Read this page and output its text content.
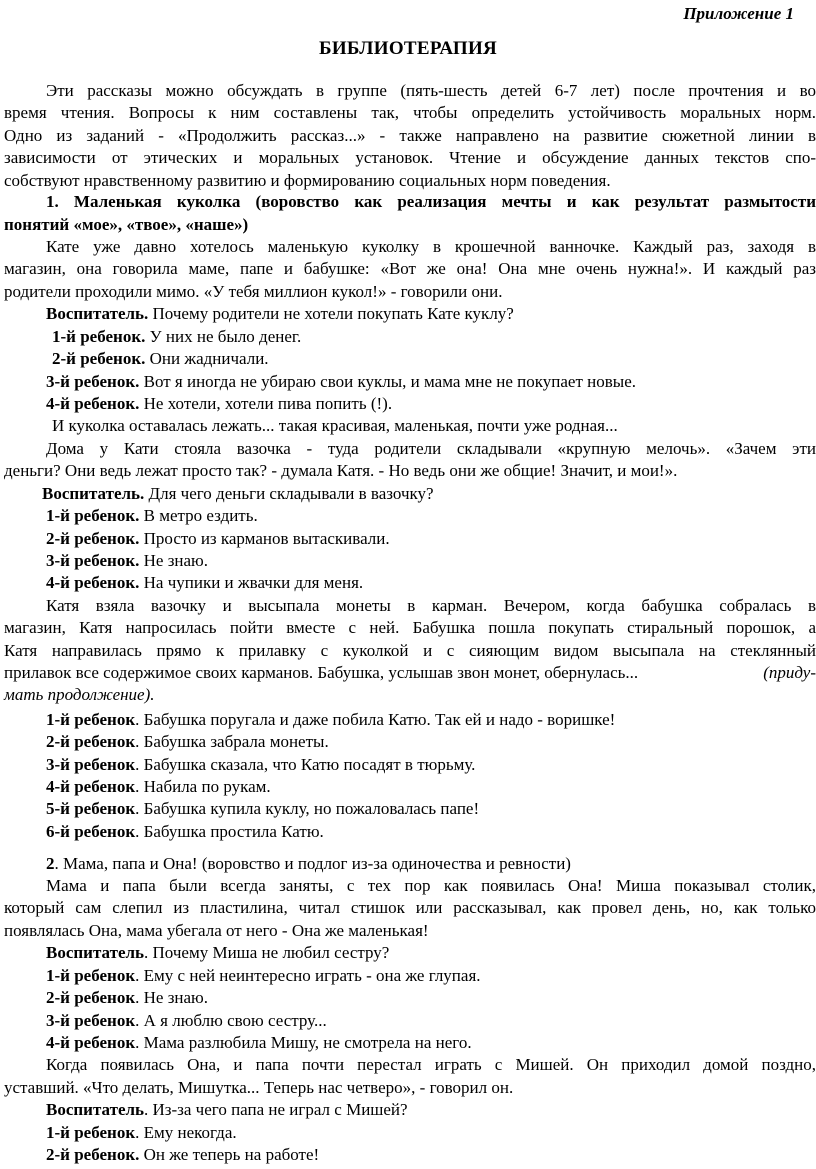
Приложение 1
БИБЛИОТЕРАПИЯ
Эти рассказы можно обсуждать в группе (пять-шесть детей 6-7 лет) после прочтения и во
время чтения. Вопросы к ним составлены так, чтобы определить устойчивость моральных норм.
Одно из заданий - «Продолжить рассказ...» - также направлено на развитие сюжетной линии в
зависимости от этических и моральных установок. Чтение и обсуждение данных текстов спо-
собствуют нравственному развитию и формированию социальных норм поведения.
1. Маленькая куколка (воровство как реализация мечты и как результат размытости
понятий «мое», «твое», «наше»)
Кате уже давно хотелось маленькую куколку в крошечной ванночке. Каждый раз, заходя в
магазин, она говорила маме, папе и бабушке: «Вот же она! Она мне очень нужна!». И каждый раз
родители проходили мимо. «У тебя миллион кукол!» - говорили они.
Воспитатель. Почему родители не хотели покупать Кате куклу?
1-й ребенок. У них не было денег.
2-й ребенок. Они жадничали.
3-й ребенок. Вот я иногда не убираю свои куклы, и мама мне не покупает новые.
4-й ребенок. Не хотели, хотели пива попить (!).
И куколка оставалась лежать... такая красивая, маленькая, почти уже родная...
Дома у Кати стояла вазочка - туда родители складывали «крупную мелочь». «Зачем эти
деньги? Они ведь лежат просто так? - думала Катя. - Но ведь они же общие! Значит, и мои!».
Воспитатель. Для чего деньги складывали в вазочку?
1-й ребенок. В метро ездить.
2-й ребенок. Просто из карманов вытаскивали.
3-й ребенок. Не знаю.
4-й ребенок. На чупики и жвачки для меня.
Катя взяла вазочку и высыпала монеты в карман. Вечером, когда бабушка собралась в
магазин, Катя напросилась пойти вместе с ней. Бабушка пошла покупать стиральный порошок, а
Катя направилась прямо к прилавку с куколкой и с сияющим видом высыпала на стеклянный
прилавок все содержимое своих карманов. Бабушка, услышав звон монет, обернулась...	(приду-
мать продолжение).
1-й ребенок. Бабушка поругала и даже побила Катю. Так ей и надо - воришке!
2-й ребенок. Бабушка забрала монеты.
3-й ребенок. Бабушка сказала, что Катю посадят в тюрьму.
4-й ребенок. Набила по рукам.
5-й ребенок. Бабушка купила куклу, но пожаловалась папе!
6-й ребенок. Бабушка простила Катю.
2. Мама, папа и Она! (воровство и подлог из-за одиночества и ревности)
Мама и папа были всегда заняты, с тех пор как появилась Она! Миша показывал столик,
который сам слепил из пластилина, читал стишок или рассказывал, как провел день, но, как только
появлялась Она, мама убегала от него - Она же маленькая!
Воспитатель. Почему Миша не любил сестру?
1-й ребенок. Ему с ней неинтересно играть - она же глупая.
2-й ребенок. Не знаю.
3-й ребенок. А я люблю свою сестру...
4-й ребенок. Мама разлюбила Мишу, не смотрела на него.
Когда появилась Она, и папа почти перестал играть с Мишей. Он приходил домой поздно,
уставший. «Что делать, Мишутка... Теперь нас четверо», - говорил он.
Воспитатель. Из-за чего папа не играл с Мишей?
1-й ребенок. Ему некогда.
2-й ребенок. Он же теперь на работе!
